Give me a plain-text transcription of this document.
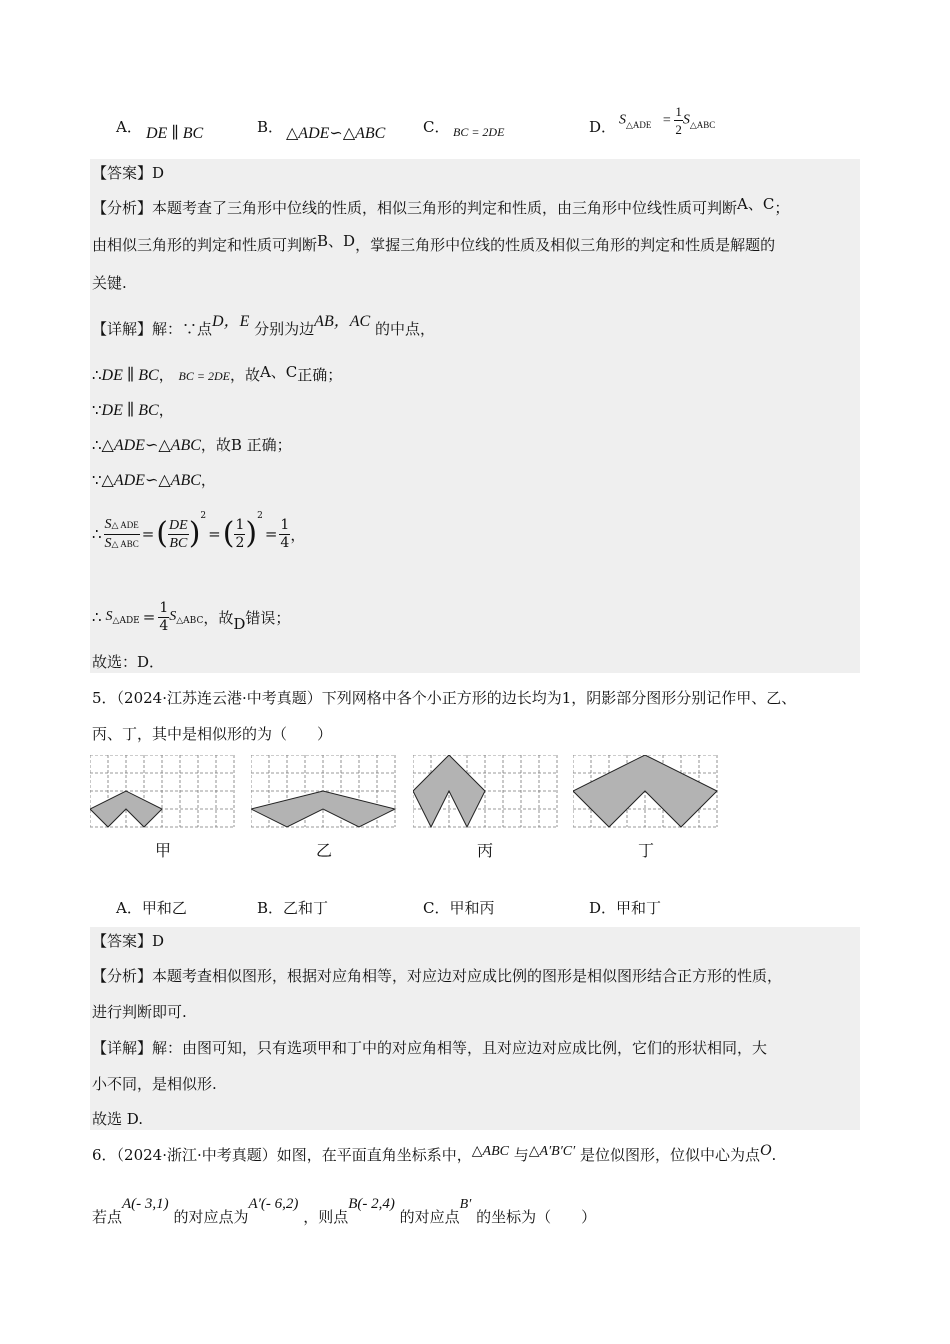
A． DE ∥ BC	B． △ADE∽△ABC	C． BC = 2DE	D． $S_{\triangle ADE} = \frac{1}{2} S_{\triangle ABC}$
【答案】D
【分析】本题考查了三角形中位线的性质，相似三角形的判定和性质，由三角形中位线性质可判断A、C；
由相似三角形的判定和性质可判断B、D，掌握三角形中位线的性质及相似三角形的判定和性质是解题的
关键.
【详解】解：∵点D，E 分别为边AB，AC 的中点，
∴DE ∥ BC， BC = 2DE，故A、C正确；
∵DE ∥ BC，
∴△ADE∽△ABC，故B 正确；
∵△ADE∽△ABC，
∴ $\frac{\text{S△ ADE}}{\text{S△ ABC}}$ = ( $\frac{DE}{BC}$ ) 2
= ( $\frac{1}{2}$ ) 2
= $\frac{1}{4}$ ，
∴ S △ADE = $\frac{1}{4}$ S △ABC ，故 D 错误；
故选：D．
5．（2024·江苏连云港·中考真题）下列网格中各个小正方形的边长均为1，阴影部分图形分别记作甲、乙、
丙、丁，其中是相似形的为（　　）
甲	乙	丙	丁
A．甲和乙	B．乙和丁	C．甲和丙	D．甲和丁
【答案】D
【分析】本题考查相似图形，根据对应角相等，对应边对应成比例的图形是相似图形结合正方形的性质，
进行判断即可.
【详解】解：由图可知，只有选项甲和丁中的对应角相等，且对应边对应成比例，它们的形状相同，大
小不同，是相似形.
故选 D.
6．（2024·浙江·中考真题）如图，在平面直角坐标系中，△ABC 与△A′B′C′ 是位似图形，位似中心为点O.
若点A(- 3,1) 的对应点为A′(- 6,2) ，则点B(- 2,4) 的对应点B′ 的坐标为（　　）
